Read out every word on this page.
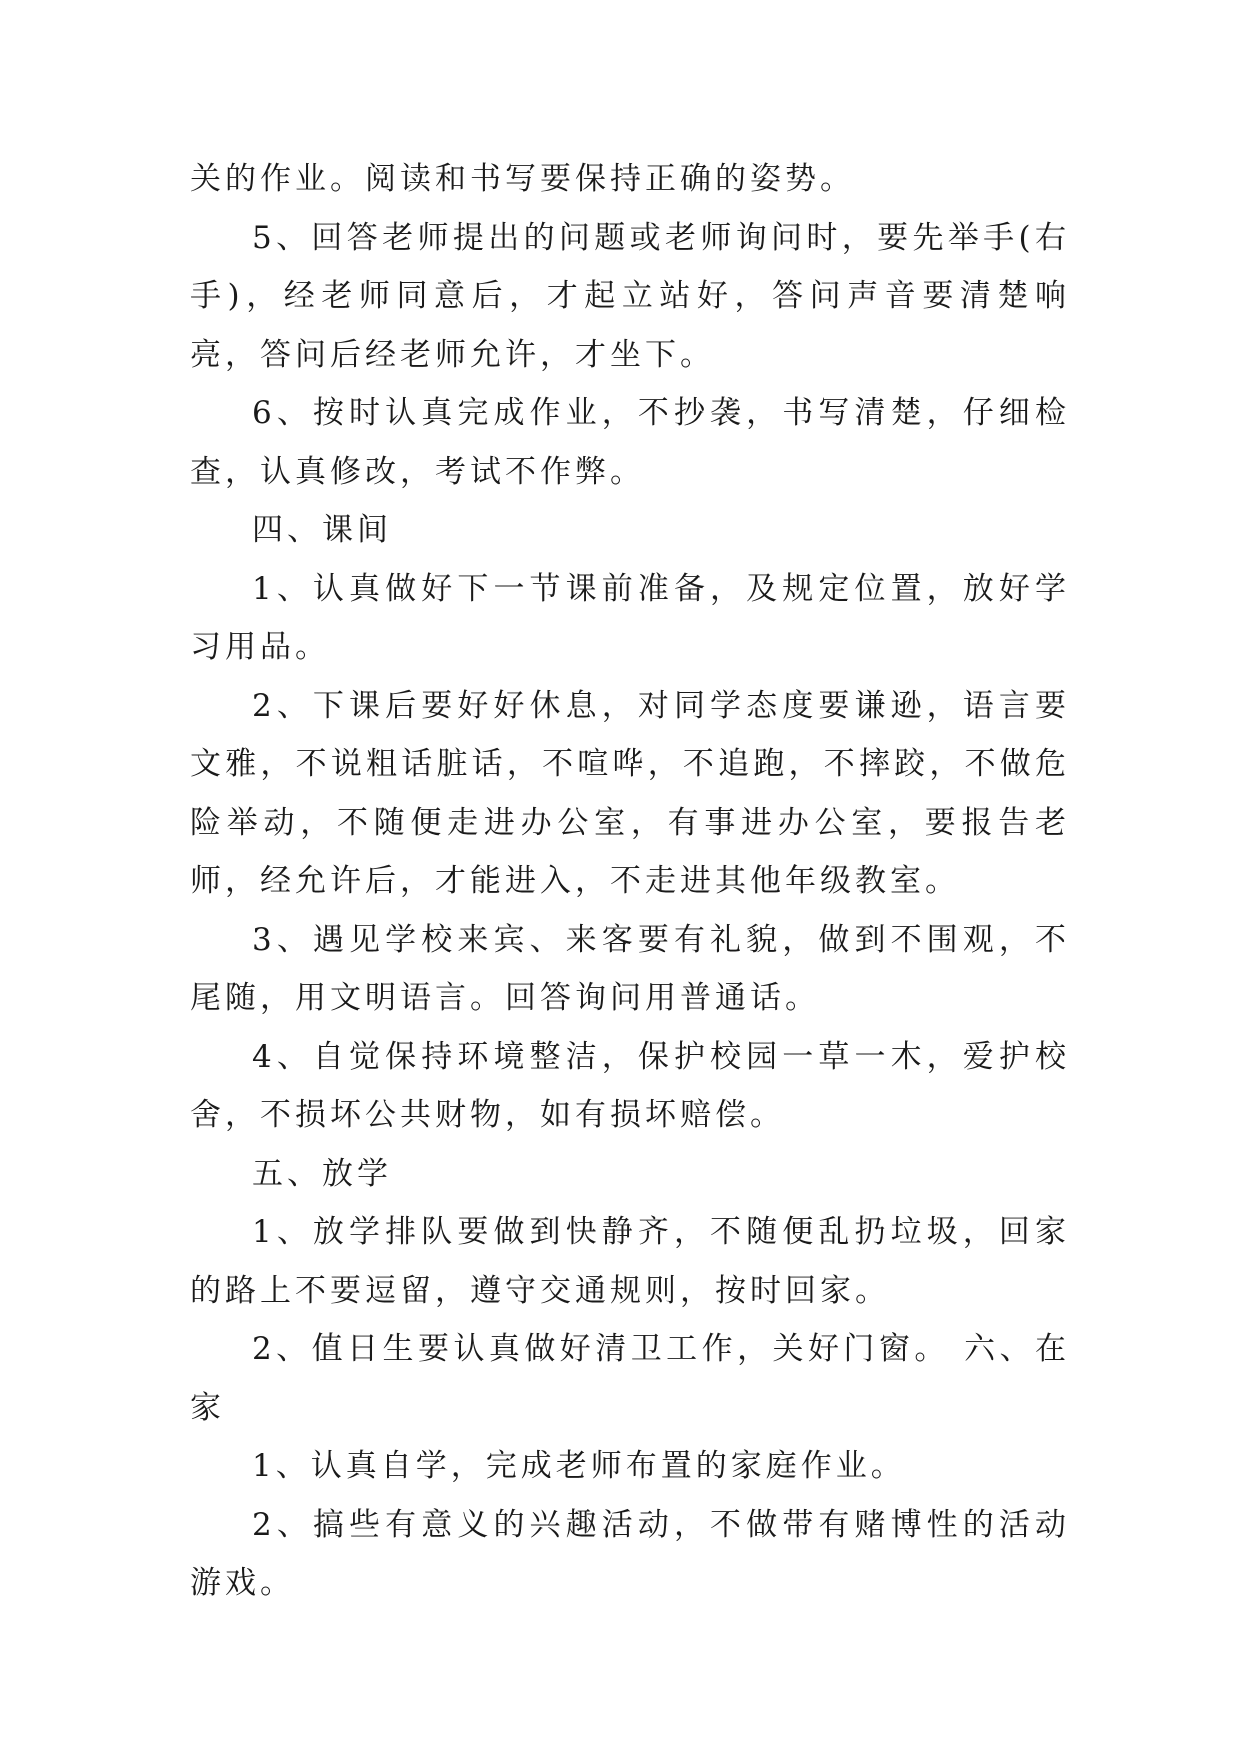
关的作业。阅读和书写要保持正确的姿势。

5、回答老师提出的问题或老师询问时，要先举手(右手)，经老师同意后，才起立站好，答问声音要清楚响亮，答问后经老师允许，才坐下。

6、按时认真完成作业，不抄袭，书写清楚，仔细检查，认真修改，考试不作弊。

四、课间

1、认真做好下一节课前准备，及规定位置，放好学习用品。

2、下课后要好好休息，对同学态度要谦逊，语言要文雅，不说粗话脏话，不喧哗，不追跑，不摔跤，不做危险举动，不随便走进办公室，有事进办公室，要报告老师，经允许后，才能进入，不走进其他年级教室。

3、遇见学校来宾、来客要有礼貌，做到不围观，不尾随，用文明语言。回答询问用普通话。

4、自觉保持环境整洁，保护校园一草一木，爱护校舍，不损坏公共财物，如有损坏赔偿。

五、放学

1、放学排队要做到快静齐，不随便乱扔垃圾，回家的路上不要逗留，遵守交通规则，按时回家。

2、值日生要认真做好清卫工作，关好门窗。 六、在家

1、认真自学，完成老师布置的家庭作业。

2、搞些有意义的兴趣活动，不做带有赌博性的活动游戏。
